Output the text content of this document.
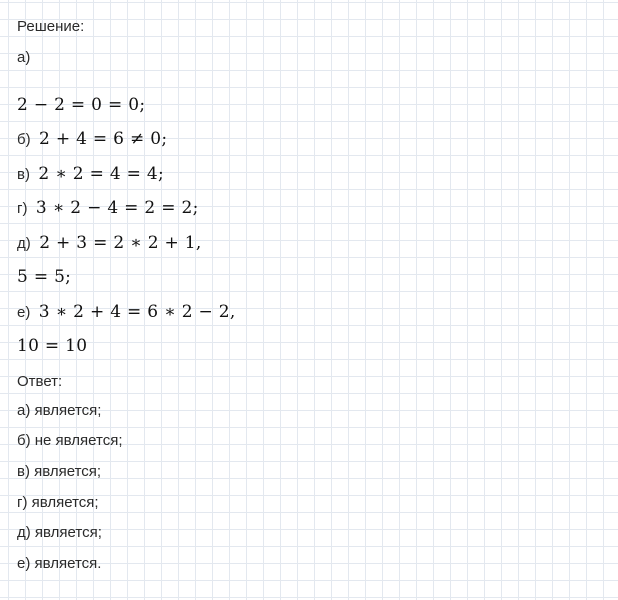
Решение:
а)
2 − 2 = 0 = 0;
б) 2 + 4 = 6 ≠ 0;
в) 2 ∗ 2 = 4 = 4;
г) 3 ∗ 2 − 4 = 2 = 2;
д) 2 + 3 = 2 ∗ 2 + 1,
5 = 5;
е) 3 ∗ 2 + 4 = 6 ∗ 2 − 2,
10 = 10
Ответ:
а) является;
б) не является;
в) является;
г) является;
д) является;
е) является.
